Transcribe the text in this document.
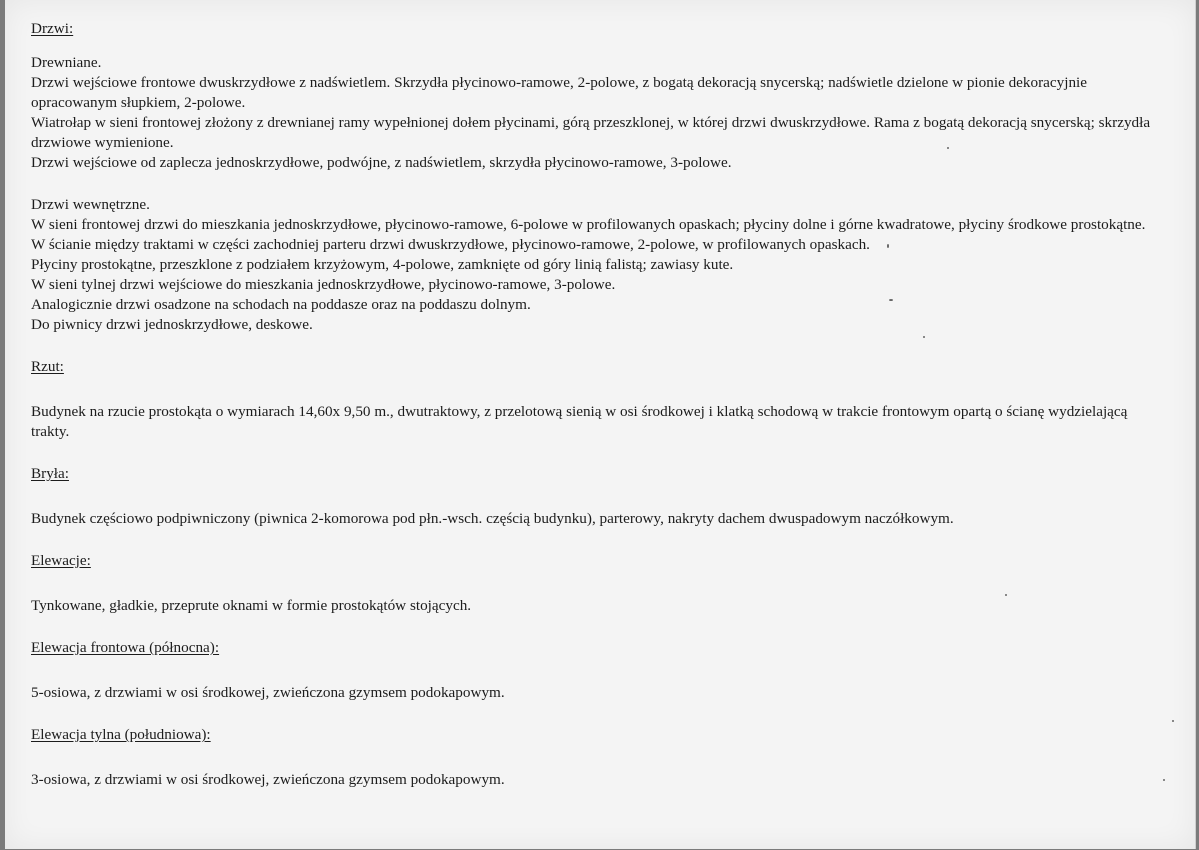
Drzwi:

Drewniane.

Drzwi wejściowe frontowe dwuskrzydłowe z nadświetlem. Skrzydła płycinowo-ramowe, 2-polowe, z bogatą dekoracją snycerską; nadświetle dzielone w pionie dekoracyjnie opracowanym słupkiem, 2-polowe.

Wiatrołap w sieni frontowej złożony z drewnianej ramy wypełnionej dołem płycinami, górą przeszklonej, w której drzwi dwuskrzydłowe. Rama z bogatą dekoracją snycerską; skrzydła drzwiowe wymienione.

Drzwi wejściowe od zaplecza jednoskrzydłowe, podwójne, z nadświetlem, skrzydła płycinowo-ramowe, 3-polowe.

Drzwi wewnętrzne.

W sieni frontowej drzwi do mieszkania jednoskrzydłowe, płycinowo-ramowe, 6-polowe w profilowanych opaskach; płyciny dolne i górne kwadratowe, płyciny środkowe prostokątne.

W ścianie między traktami w części zachodniej parteru drzwi dwuskrzydłowe, płycinowo-ramowe, 2-polowe, w profilowanych opaskach.

Płyciny prostokątne, przeszklone z podziałem krzyżowym, 4-polowe, zamknięte od góry linią falistą; zawiasy kute.

W sieni tylnej drzwi wejściowe do mieszkania jednoskrzydłowe, płycinowo-ramowe, 3-polowe.

Analogicznie drzwi osadzone na schodach na poddasze oraz na poddaszu dolnym.

Do piwnicy drzwi jednoskrzydłowe, deskowe.

Rzut:

Budynek na rzucie prostokąta o wymiarach 14,60x 9,50 m., dwutraktowy, z przelotową sienią w osi środkowej i klatką schodową w trakcie frontowym opartą o ścianę wydzielającą trakty.

Bryła:

Budynek częściowo podpiwniczony (piwnica 2-komorowa pod płn.-wsch. częścią budynku), parterowy, nakryty dachem dwuspadowym naczółkowym.

Elewacje:

Tynkowane, gładkie, przeprute oknami w formie prostokątów stojących.

Elewacja frontowa (północna):

5-osiowa, z drzwiami w osi środkowej, zwieńczona gzymsem podokapowym.

Elewacja tylna (południowa):

3-osiowa, z drzwiami w osi środkowej, zwieńczona gzymsem podokapowym.
